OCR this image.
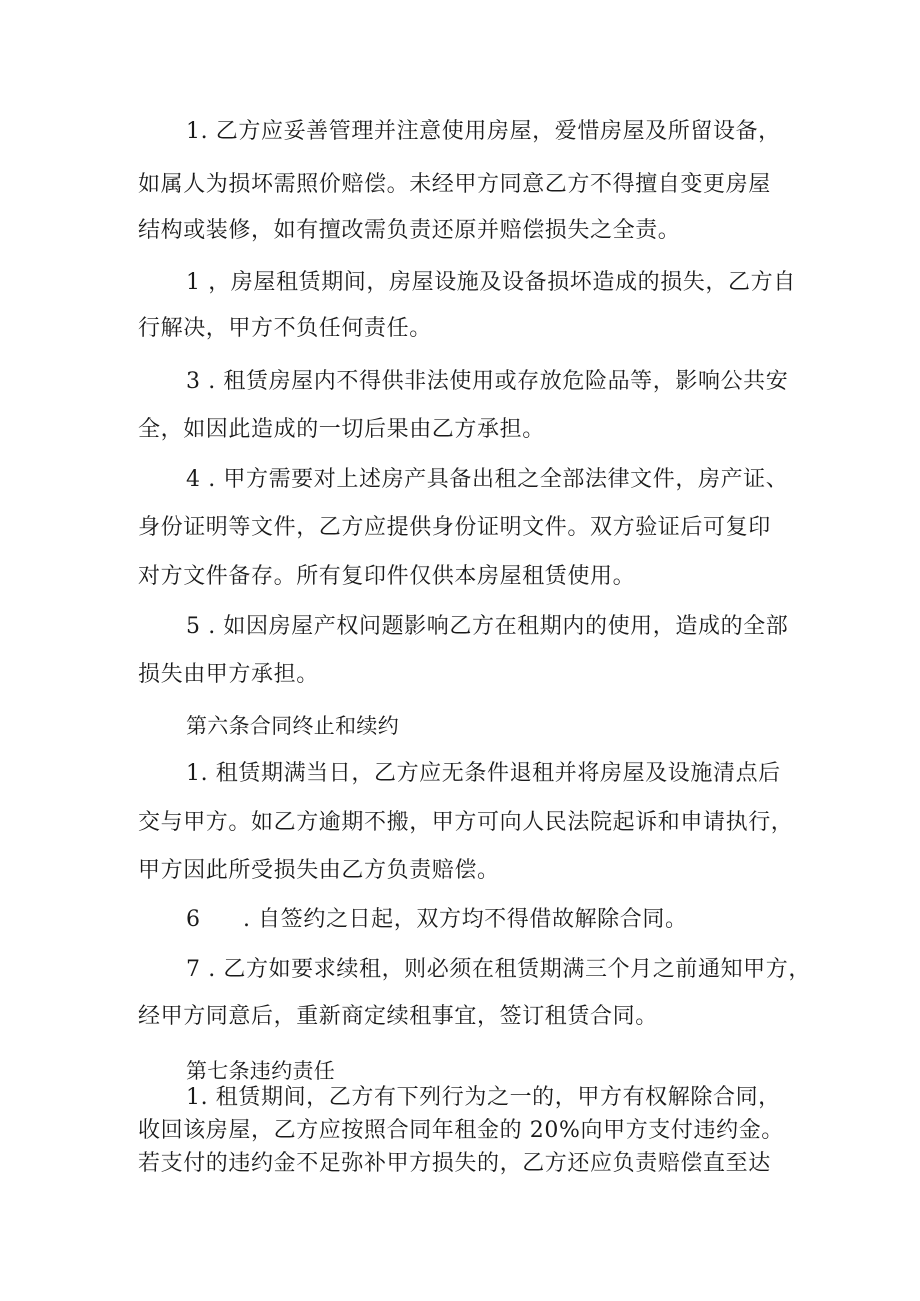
1. 乙方应妥善管理并注意使用房屋，爱惜房屋及所留设备，

如属人为损坏需照价赔偿。未经甲方同意乙方不得擅自变更房屋

结构或装修，如有擅改需负责还原并赔偿损失之全责。

1 ，房屋租赁期间，房屋设施及设备损坏造成的损失，乙方自

行解决，甲方不负任何责任。

3 . 租赁房屋内不得供非法使用或存放危险品等，影响公共安

全，如因此造成的一切后果由乙方承担。

4 . 甲方需要对上述房产具备出租之全部法律文件，房产证、

身份证明等文件，乙方应提供身份证明文件。双方验证后可复印

对方文件备存。所有复印件仅供本房屋租赁使用。

5 . 如因房屋产权问题影响乙方在租期内的使用，造成的全部

损失由甲方承担。

第六条合同终止和续约

1. 租赁期满当日，乙方应无条件退租并将房屋及设施清点后

交与甲方。如乙方逾期不搬，甲方可向人民法院起诉和申请执行，

甲方因此所受损失由乙方负责赔偿。

6 . 自签约之日起，双方均不得借故解除合同。

7 . 乙方如要求续租，则必须在租赁期满三个月之前通知甲方，

经甲方同意后，重新商定续租事宜，签订租赁合同。

第七条违约责任

1. 租赁期间，乙方有下列行为之一的，甲方有权解除合同，

收回该房屋，乙方应按照合同年租金的 20%向甲方支付违约金。

若支付的违约金不足弥补甲方损失的，乙方还应负责赔偿直至达
